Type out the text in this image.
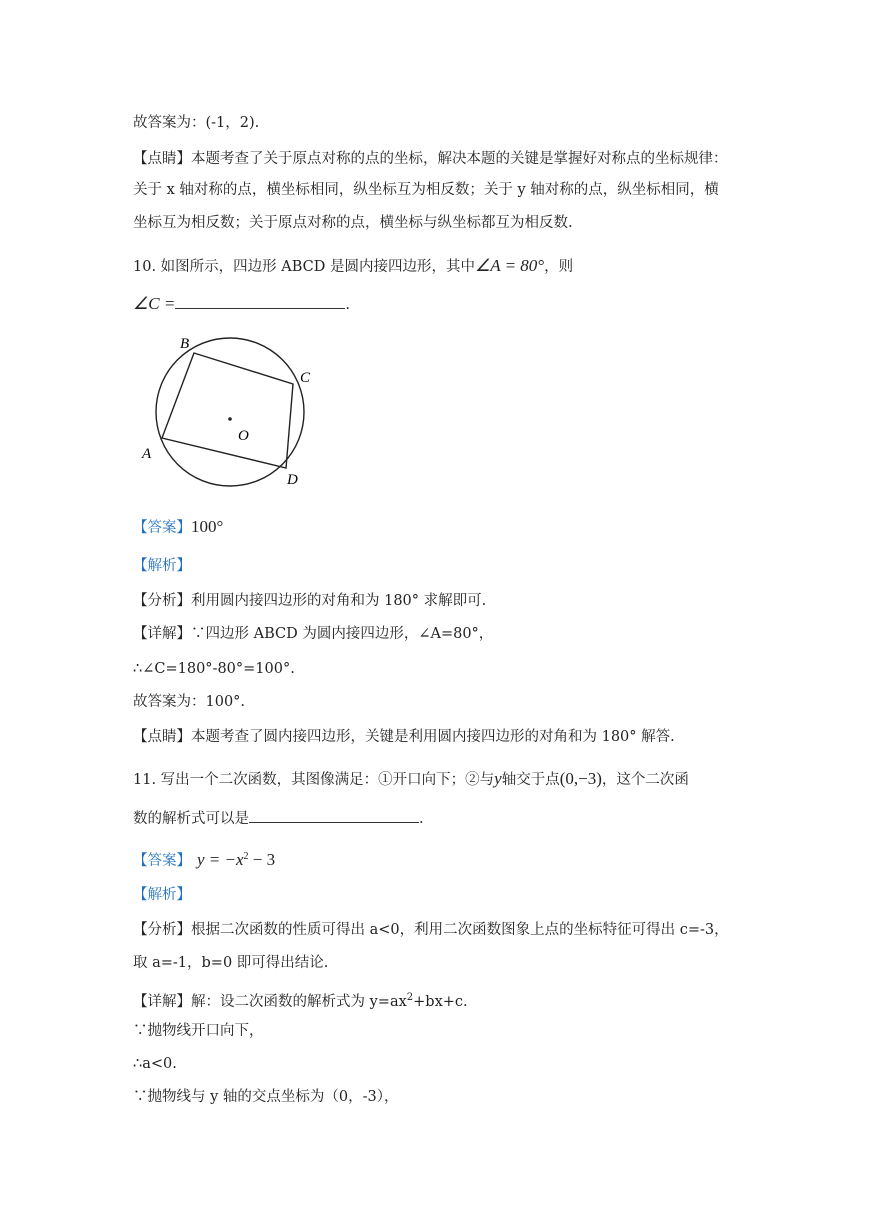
故答案为：(-1，2).
【点睛】本题考查了关于原点对称的点的坐标，解决本题的关键是掌握好对称点的坐标规律：
关于 x 轴对称的点，横坐标相同，纵坐标互为相反数；关于 y 轴对称的点，纵坐标相同，横
坐标互为相反数；关于原点对称的点，横坐标与纵坐标都互为相反数.
10. 如图所示，四边形 ABCD 是圆内接四边形，其中∠A = 80°，则
∠C =	.
B
C
A
D
O
【答案】100°
【解析】
【分析】利用圆内接四边形的对角和为 180° 求解即可.
【详解】∵四边形 ABCD 为圆内接四边形，∠A=80°，
∴∠C=180°-80°=100°.
故答案为：100°.
【点睛】本题考查了圆内接四边形，关键是利用圆内接四边形的对角和为 180° 解答.
11. 写出一个二次函数，其图像满足：①开口向下；②与y轴交于点(0,−3)，这个二次函
数的解析式可以是	.
【答案】 $y = -x^2 - 3$
【解析】
【分析】根据二次函数的性质可得出 a<0，利用二次函数图象上点的坐标特征可得出 c=-3，
取 a=-1，b=0 即可得出结论.
【详解】解：设二次函数的解析式为 $y=ax^2+bx+c$.
∵抛物线开口向下，
∴a<0.
∵抛物线与 y 轴的交点坐标为（0，-3），
